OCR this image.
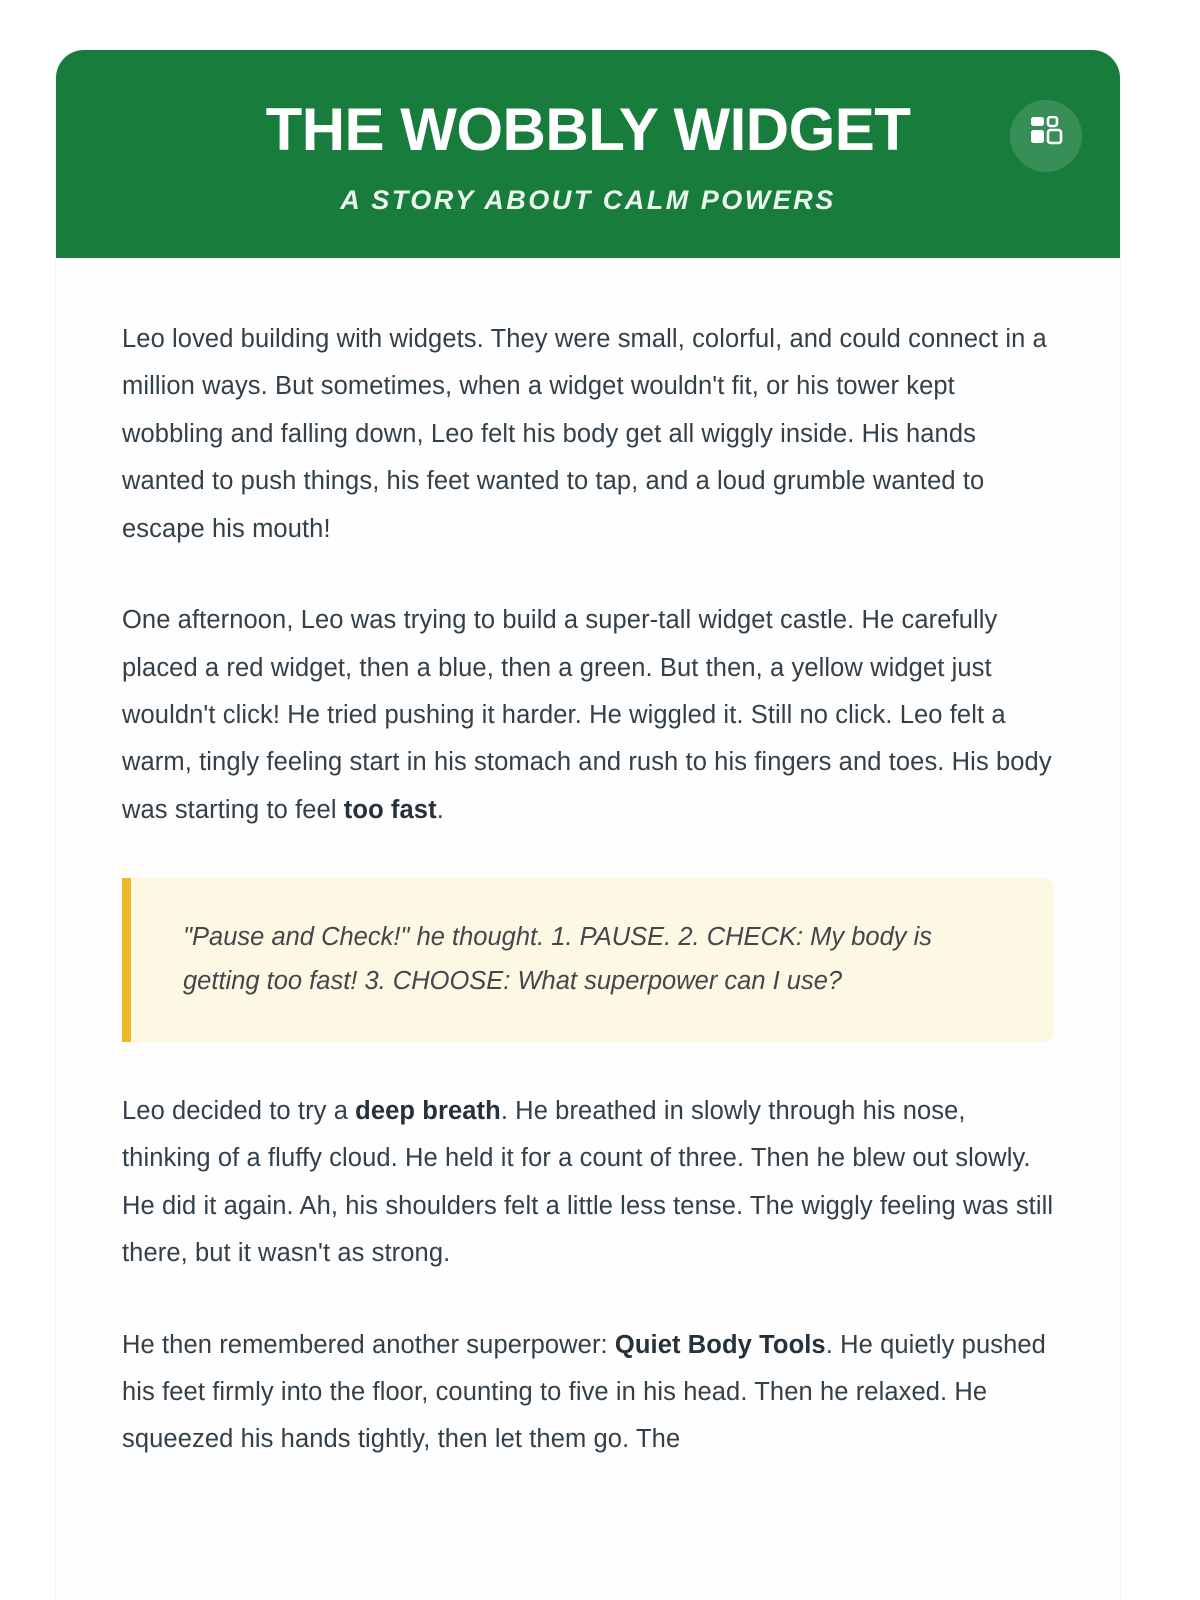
THE WOBBLY WIDGET
A STORY ABOUT CALM POWERS

Leo loved building with widgets. They were small, colorful, and could connect in a million ways. But sometimes, when a widget wouldn't fit, or his tower kept wobbling and falling down, Leo felt his body get all wiggly inside. His hands wanted to push things, his feet wanted to tap, and a loud grumble wanted to escape his mouth!

One afternoon, Leo was trying to build a super-tall widget castle. He carefully placed a red widget, then a blue, then a green. But then, a yellow widget just wouldn't click! He tried pushing it harder. He wiggled it. Still no click. Leo felt a warm, tingly feeling start in his stomach and rush to his fingers and toes. His body was starting to feel too fast.

"Pause and Check!" he thought. 1. PAUSE. 2. CHECK: My body is getting too fast! 3. CHOOSE: What superpower can I use?

Leo decided to try a deep breath. He breathed in slowly through his nose, thinking of a fluffy cloud. He held it for a count of three. Then he blew out slowly. He did it again. Ah, his shoulders felt a little less tense. The wiggly feeling was still there, but it wasn't as strong.

He then remembered another superpower: Quiet Body Tools. He quietly pushed his feet firmly into the floor, counting to five in his head. Then he relaxed. He squeezed his hands tightly, then let them go. The
